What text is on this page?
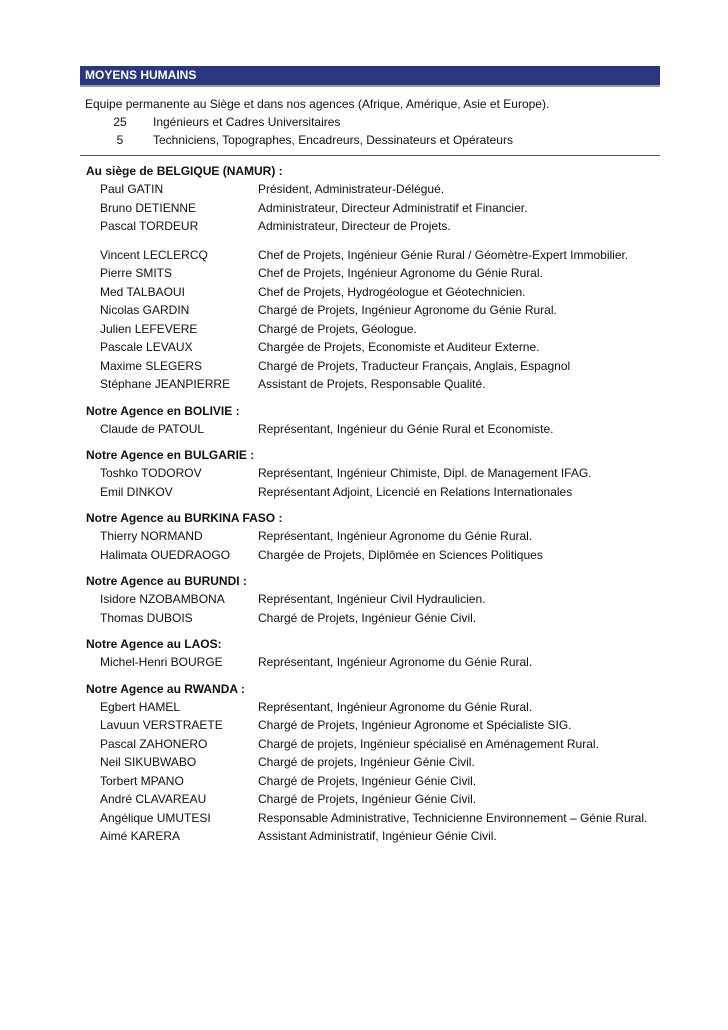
MOYENS HUMAINS
Equipe permanente au Siège et dans nos agences (Afrique, Amérique, Asie et Europe).
25	Ingénieurs et Cadres Universitaires
5	Techniciens, Topographes, Encadreurs, Dessinateurs et Opérateurs
Au siège de BELGIQUE (NAMUR) :
Paul GATIN	Président, Administrateur-Délégué.
Bruno DETIENNE	Administrateur, Directeur Administratif et Financier.
Pascal TORDEUR	Administrateur, Directeur de Projets.
Vincent LECLERCQ	Chef de Projets, Ingénieur Génie Rural / Géomètre-Expert Immobilier.
Pierre SMITS	Chef de Projets, Ingénieur Agronome du Génie Rural.
Med TALBAOUI	Chef de Projets, Hydrogéologue et Géotechnicien.
Nicolas GARDIN	Chargé de Projets, Ingénieur Agronome du Génie Rural.
Julien LEFEVERE	Chargé de Projets, Géologue.
Pascale LEVAUX	Chargée de Projets, Economiste et Auditeur Externe.
Maxime SLEGERS	Chargé de Projets, Traducteur Français, Anglais, Espagnol
Stéphane JEANPIERRE	Assistant de Projets, Responsable Qualité.
Notre Agence en BOLIVIE :
Claude de PATOUL	Représentant, Ingénieur du Génie Rural et Economiste.
Notre Agence en BULGARIE :
Toshko TODOROV	Représentant, Ingénieur Chimiste, Dipl. de Management IFAG.
Emil DINKOV	Représentant Adjoint, Licencié en Relations Internationales
Notre Agence au BURKINA FASO :
Thierry NORMAND	Représentant, Ingénieur Agronome du Génie Rural.
Halimata OUEDRAOGO	Chargée de Projets, Diplômée en Sciences Politiques
Notre Agence au BURUNDI :
Isidore NZOBAMBONA	Représentant, Ingénieur Civil Hydraulicien.
Thomas DUBOIS	Chargé de Projets, Ingénieur Génie Civil.
Notre Agence au LAOS:
Michel-Henri BOURGE	Représentant, Ingénieur Agronome du Génie Rural.
Notre Agence au RWANDA :
Egbert HAMEL	Représentant, Ingénieur Agronome du Génie Rural.
Lavuun VERSTRAETE	Chargé de Projets, Ingénieur Agronome et Spécialiste SIG.
Pascal ZAHONERO	Chargé de projets, Ingénieur spécialisé en Aménagement Rural.
Neil SIKUBWABO	Chargé de projets, Ingénieur Génie Civil.
Torbert MPANO	Chargé de Projets, Ingénieur Génie Civil.
André CLAVAREAU	Chargé de Projets, Ingénieur Génie Civil.
Angélique UMUTESI	Responsable Administrative, Technicienne Environnement – Génie Rural.
Aimé KARERA	Assistant Administratif, Ingénieur Génie Civil.
